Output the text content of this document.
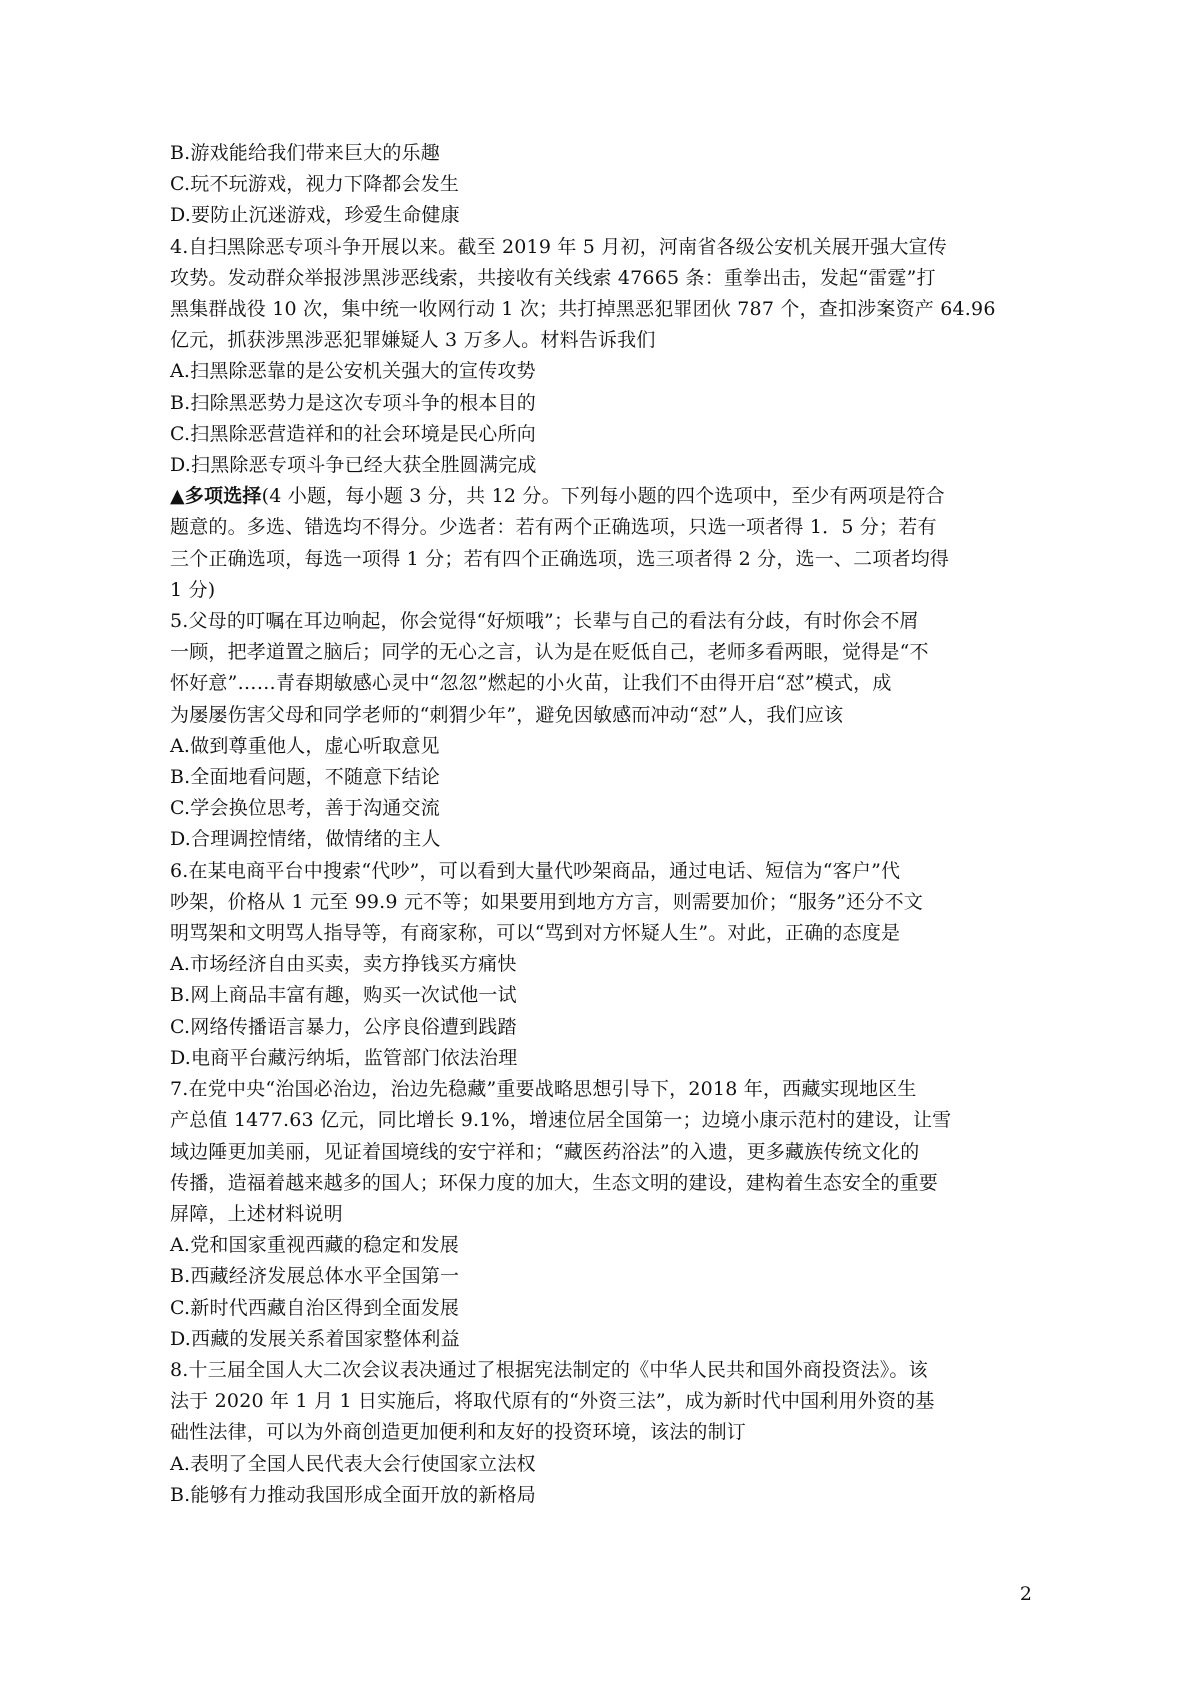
B.游戏能给我们带来巨大的乐趣
C.玩不玩游戏，视力下降都会发生
D.要防止沉迷游戏，珍爱生命健康
4.自扫黑除恶专项斗争开展以来。截至 2019 年 5 月初，河南省各级公安机关展开强大宣传
攻势。发动群众举报涉黑涉恶线索，共接收有关线索 47665 条：重拳出击，发起“雷霆”打
黑集群战役 10 次，集中统一收网行动 1 次；共打掉黑恶犯罪团伙 787 个，查扣涉案资产 64.96
亿元，抓获涉黑涉恶犯罪嫌疑人 3 万多人。材料告诉我们
A.扫黑除恶靠的是公安机关强大的宣传攻势
B.扫除黑恶势力是这次专项斗争的根本目的
C.扫黑除恶营造祥和的社会环境是民心所向
D.扫黑除恶专项斗争已经大获全胜圆满完成
▲多项选择(4 小题，每小题 3 分，共 12 分。下列每小题的四个选项中，至少有两项是符合
题意的。多选、错选均不得分。少选者：若有两个正确选项，只选一项者得 1．5 分；若有
三个正确选项，每选一项得 1 分；若有四个正确选项，选三项者得 2 分，选一、二项者均得
1 分)
5.父母的叮嘱在耳边响起，你会觉得“好烦哦”；长辈与自己的看法有分歧，有时你会不屑
一顾，把孝道置之脑后；同学的无心之言，认为是在贬低自己，老师多看两眼，觉得是“不
怀好意”……青春期敏感心灵中“忽忽”燃起的小火苗，让我们不由得开启“怼”模式，成
为屡屡伤害父母和同学老师的“刺猬少年”，避免因敏感而冲动“怼”人，我们应该
A.做到尊重他人，虚心听取意见
B.全面地看问题，不随意下结论
C.学会换位思考，善于沟通交流
D.合理调控情绪，做情绪的主人
6.在某电商平台中搜索“代吵”，可以看到大量代吵架商品，通过电话、短信为“客户”代
吵架，价格从 1 元至 99.9 元不等；如果要用到地方方言，则需要加价；“服务”还分不文
明骂架和文明骂人指导等，有商家称，可以“骂到对方怀疑人生”。对此，正确的态度是
A.市场经济自由买卖，卖方挣钱买方痛快
B.网上商品丰富有趣，购买一次试他一试
C.网络传播语言暴力，公序良俗遭到践踏
D.电商平台藏污纳垢，监管部门依法治理
7.在党中央“治国必治边，治边先稳藏”重要战略思想引导下，2018 年，西藏实现地区生
产总值 1477.63 亿元，同比增长 9.1%，增速位居全国第一；边境小康示范村的建设，让雪
域边陲更加美丽，见证着国境线的安宁祥和；“藏医药浴法”的入遗，更多藏族传统文化的
传播，造福着越来越多的国人；环保力度的加大，生态文明的建设，建构着生态安全的重要
屏障，上述材料说明
A.党和国家重视西藏的稳定和发展
B.西藏经济发展总体水平全国第一
C.新时代西藏自治区得到全面发展
D.西藏的发展关系着国家整体利益
8.十三届全国人大二次会议表决通过了根据宪法制定的《中华人民共和国外商投资法》。该
法于 2020 年 1 月 1 日实施后，将取代原有的“外资三法”，成为新时代中国利用外资的基
础性法律，可以为外商创造更加便利和友好的投资环境，该法的制订
A.表明了全国人民代表大会行使国家立法权
B.能够有力推动我国形成全面开放的新格局
2
